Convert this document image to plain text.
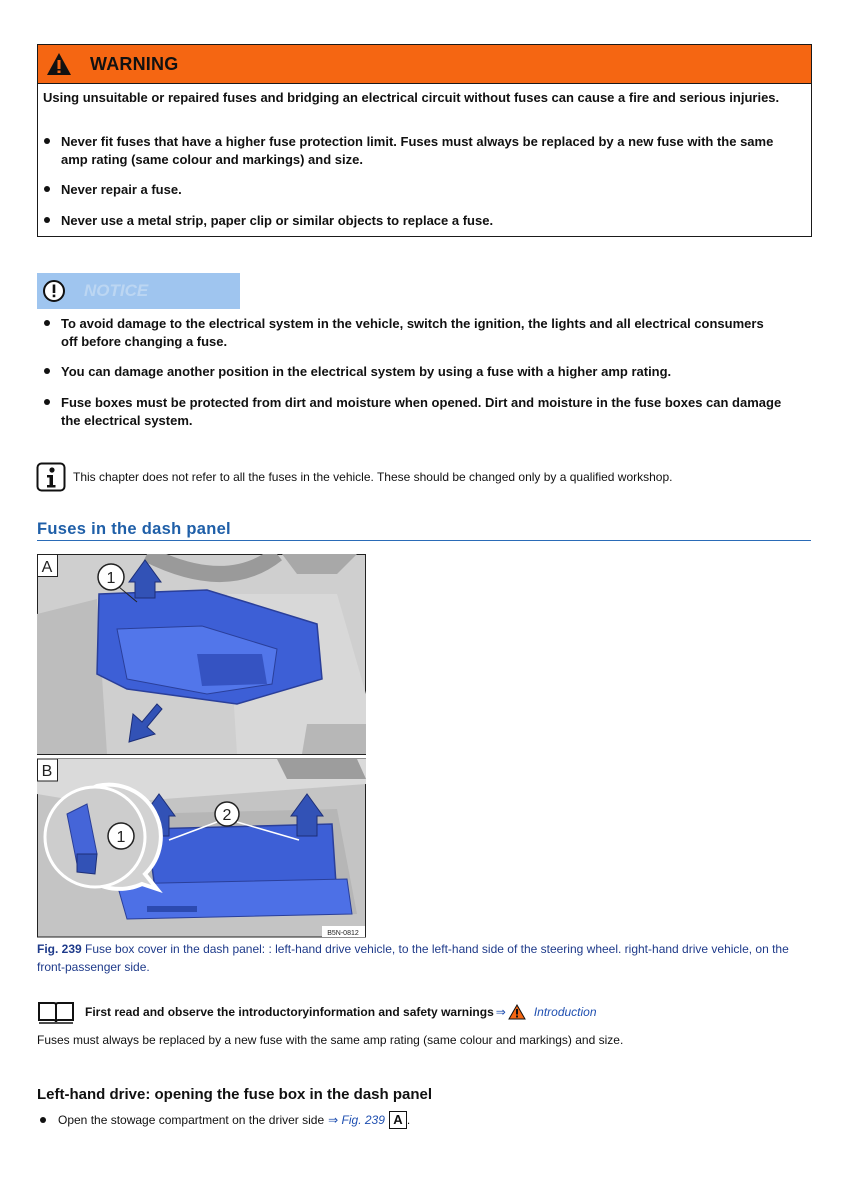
WARNING
Using unsuitable or repaired fuses and bridging an electrical circuit without fuses can cause a fire and serious injuries.
Never fit fuses that have a higher fuse protection limit. Fuses must always be replaced by a new fuse with the same amp rating (same colour and markings) and size.
Never repair a fuse.
Never use a metal strip, paper clip or similar objects to replace a fuse.
NOTICE
To avoid damage to the electrical system in the vehicle, switch the ignition, the lights and all electrical consumers off before changing a fuse.
You can damage another position in the electrical system by using a fuse with a higher amp rating.
Fuse boxes must be protected from dirt and moisture when opened. Dirt and moisture in the fuse boxes can damage the electrical system.
This chapter does not refer to all the fuses in the vehicle. These should be changed only by a qualified workshop.
Fuses in the dash panel
1
A
2
1
B
B5N-0812
Fig. 239 Fuse box cover in the dash panel: : left-hand drive vehicle, to the left-hand side of the steering wheel. right-hand drive vehicle, on the front-passenger side.
First read and observe the introductoryinformation and safety warnings ⇒ Introduction
Fuses must always be replaced by a new fuse with the same amp rating (same colour and markings) and size.
Left-hand drive: opening the fuse box in the dash panel
Open the stowage compartment on the driver side ⇒ Fig. 239 A .
